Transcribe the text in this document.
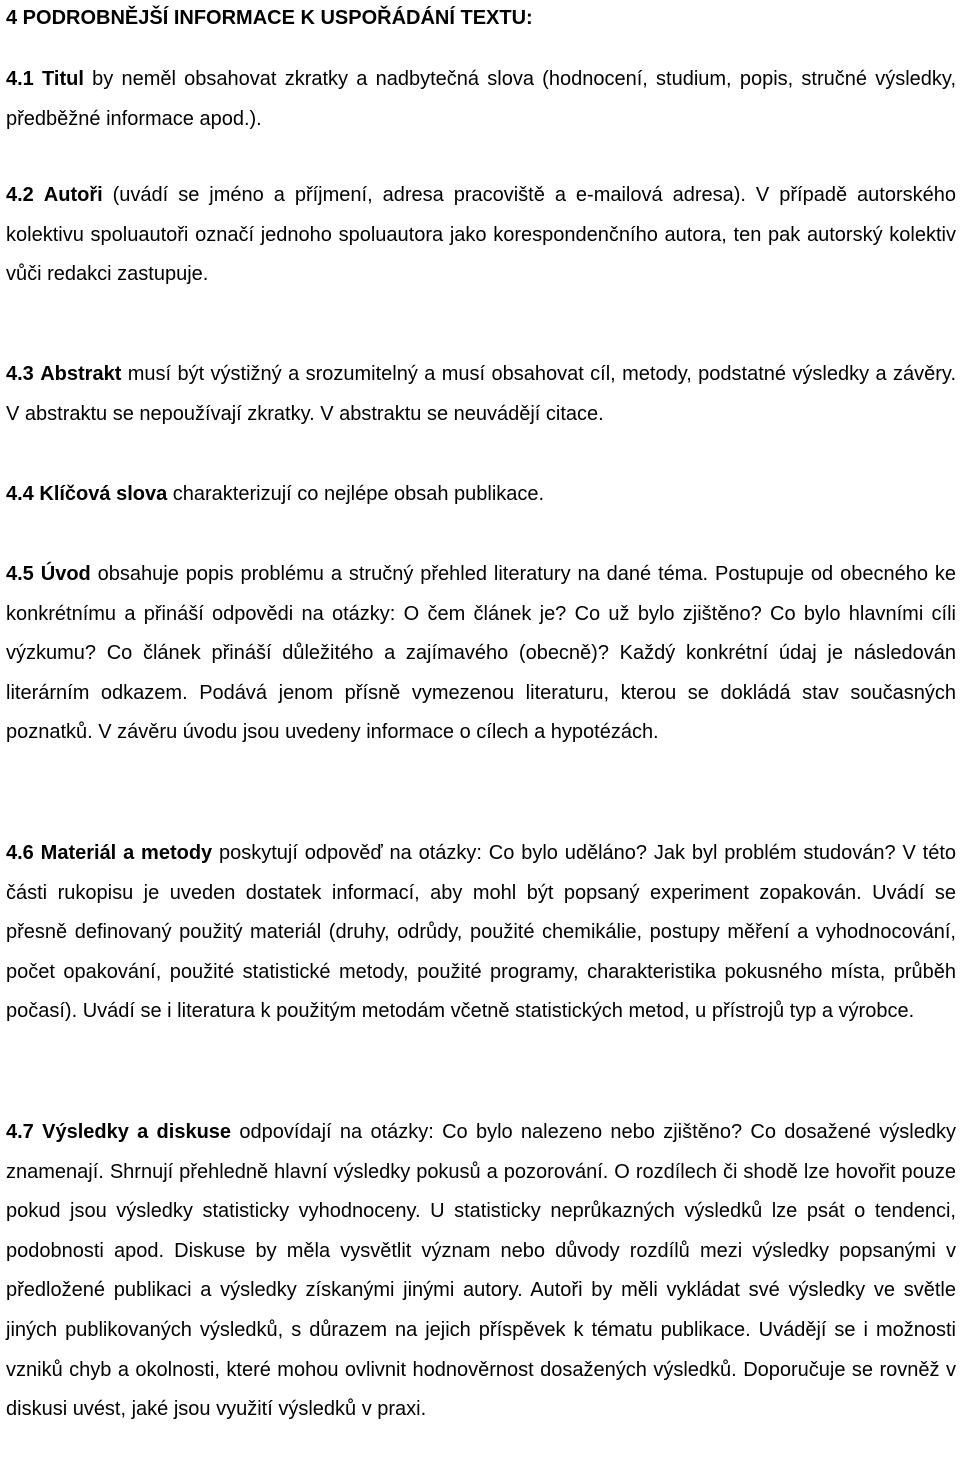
4 PODROBNĚJŠÍ INFORMACE K USPOŘÁDÁNÍ TEXTU:

4.1 Titul by neměl obsahovat zkratky a nadbytečná slova (hodnocení, studium, popis, stručné výsledky, předběžné informace apod.).

4.2 Autoři (uvádí se jméno a příjmení, adresa pracoviště a e-mailová adresa). V případě autorského kolektivu spoluautoři označí jednoho spoluautora jako korespondenčního autora, ten pak autorský kolektiv vůči redakci zastupuje.

4.3 Abstrakt musí být výstižný a srozumitelný a musí obsahovat cíl, metody, podstatné výsledky a závěry. V abstraktu se nepoužívají zkratky. V abstraktu se neuvádějí citace.

4.4 Klíčová slova charakterizují co nejlépe obsah publikace.

4.5 Úvod obsahuje popis problému a stručný přehled literatury na dané téma. Postupuje od obecného ke konkrétnímu a přináší odpovědi na otázky: O čem článek je? Co už bylo zjištěno? Co bylo hlavními cíli výzkumu? Co článek přináší důležitého a zajímavého (obecně)? Každý konkrétní údaj je následován literárním odkazem. Podává jenom přísně vymezenou literaturu, kterou se dokládá stav současných poznatků. V závěru úvodu jsou uvedeny informace o cílech a hypotézách.

4.6 Materiál a metody poskytují odpověď na otázky: Co bylo uděláno? Jak byl problém studován? V této části rukopisu je uveden dostatek informací, aby mohl být popsaný experiment zopakován. Uvádí se přesně definovaný použitý materiál (druhy, odrůdy, použité chemikálie, postupy měření a vyhodnocování, počet opakování, použité statistické metody, použité programy, charakteristika pokusného místa, průběh počasí). Uvádí se i literatura k použitým metodám včetně statistických metod, u přístrojů typ a výrobce.

4.7 Výsledky a diskuse odpovídají na otázky: Co bylo nalezeno nebo zjištěno? Co dosažené výsledky znamenají. Shrnují přehledně hlavní výsledky pokusů a pozorování. O rozdílech či shodě lze hovořit pouze pokud jsou výsledky statisticky vyhodnoceny. U statisticky neprůkazných výsledků lze psát o tendenci, podobnosti apod. Diskuse by měla vysvětlit význam nebo důvody rozdílů mezi výsledky popsanými v předložené publikaci a výsledky získanými jinými autory. Autoři by měli vykládat své výsledky ve světle jiných publikovaných výsledků, s důrazem na jejich příspěvek k tématu publikace. Uvádějí se i možnosti vzniků chyb a okolnosti, které mohou ovlivnit hodnověrnost dosažených výsledků. Doporučuje se rovněž v diskusi uvést, jaké jsou využití výsledků v praxi.
